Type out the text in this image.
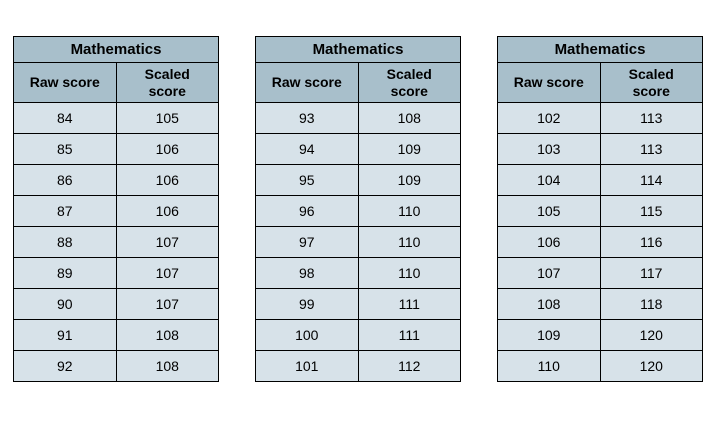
Mathematics	
Raw score	Scaled score
84	105
85	106
86	106
87	106
88	107
89	107
90	107
91	108
92	108
Mathematics	
Raw score	Scaled score
93	108
94	109
95	109
96	110
97	110
98	110
99	111
100	111
101	112
Mathematics	
Raw score	Scaled score
102	113
103	113
104	114
105	115
106	116
107	117
108	118
109	120
110	120
